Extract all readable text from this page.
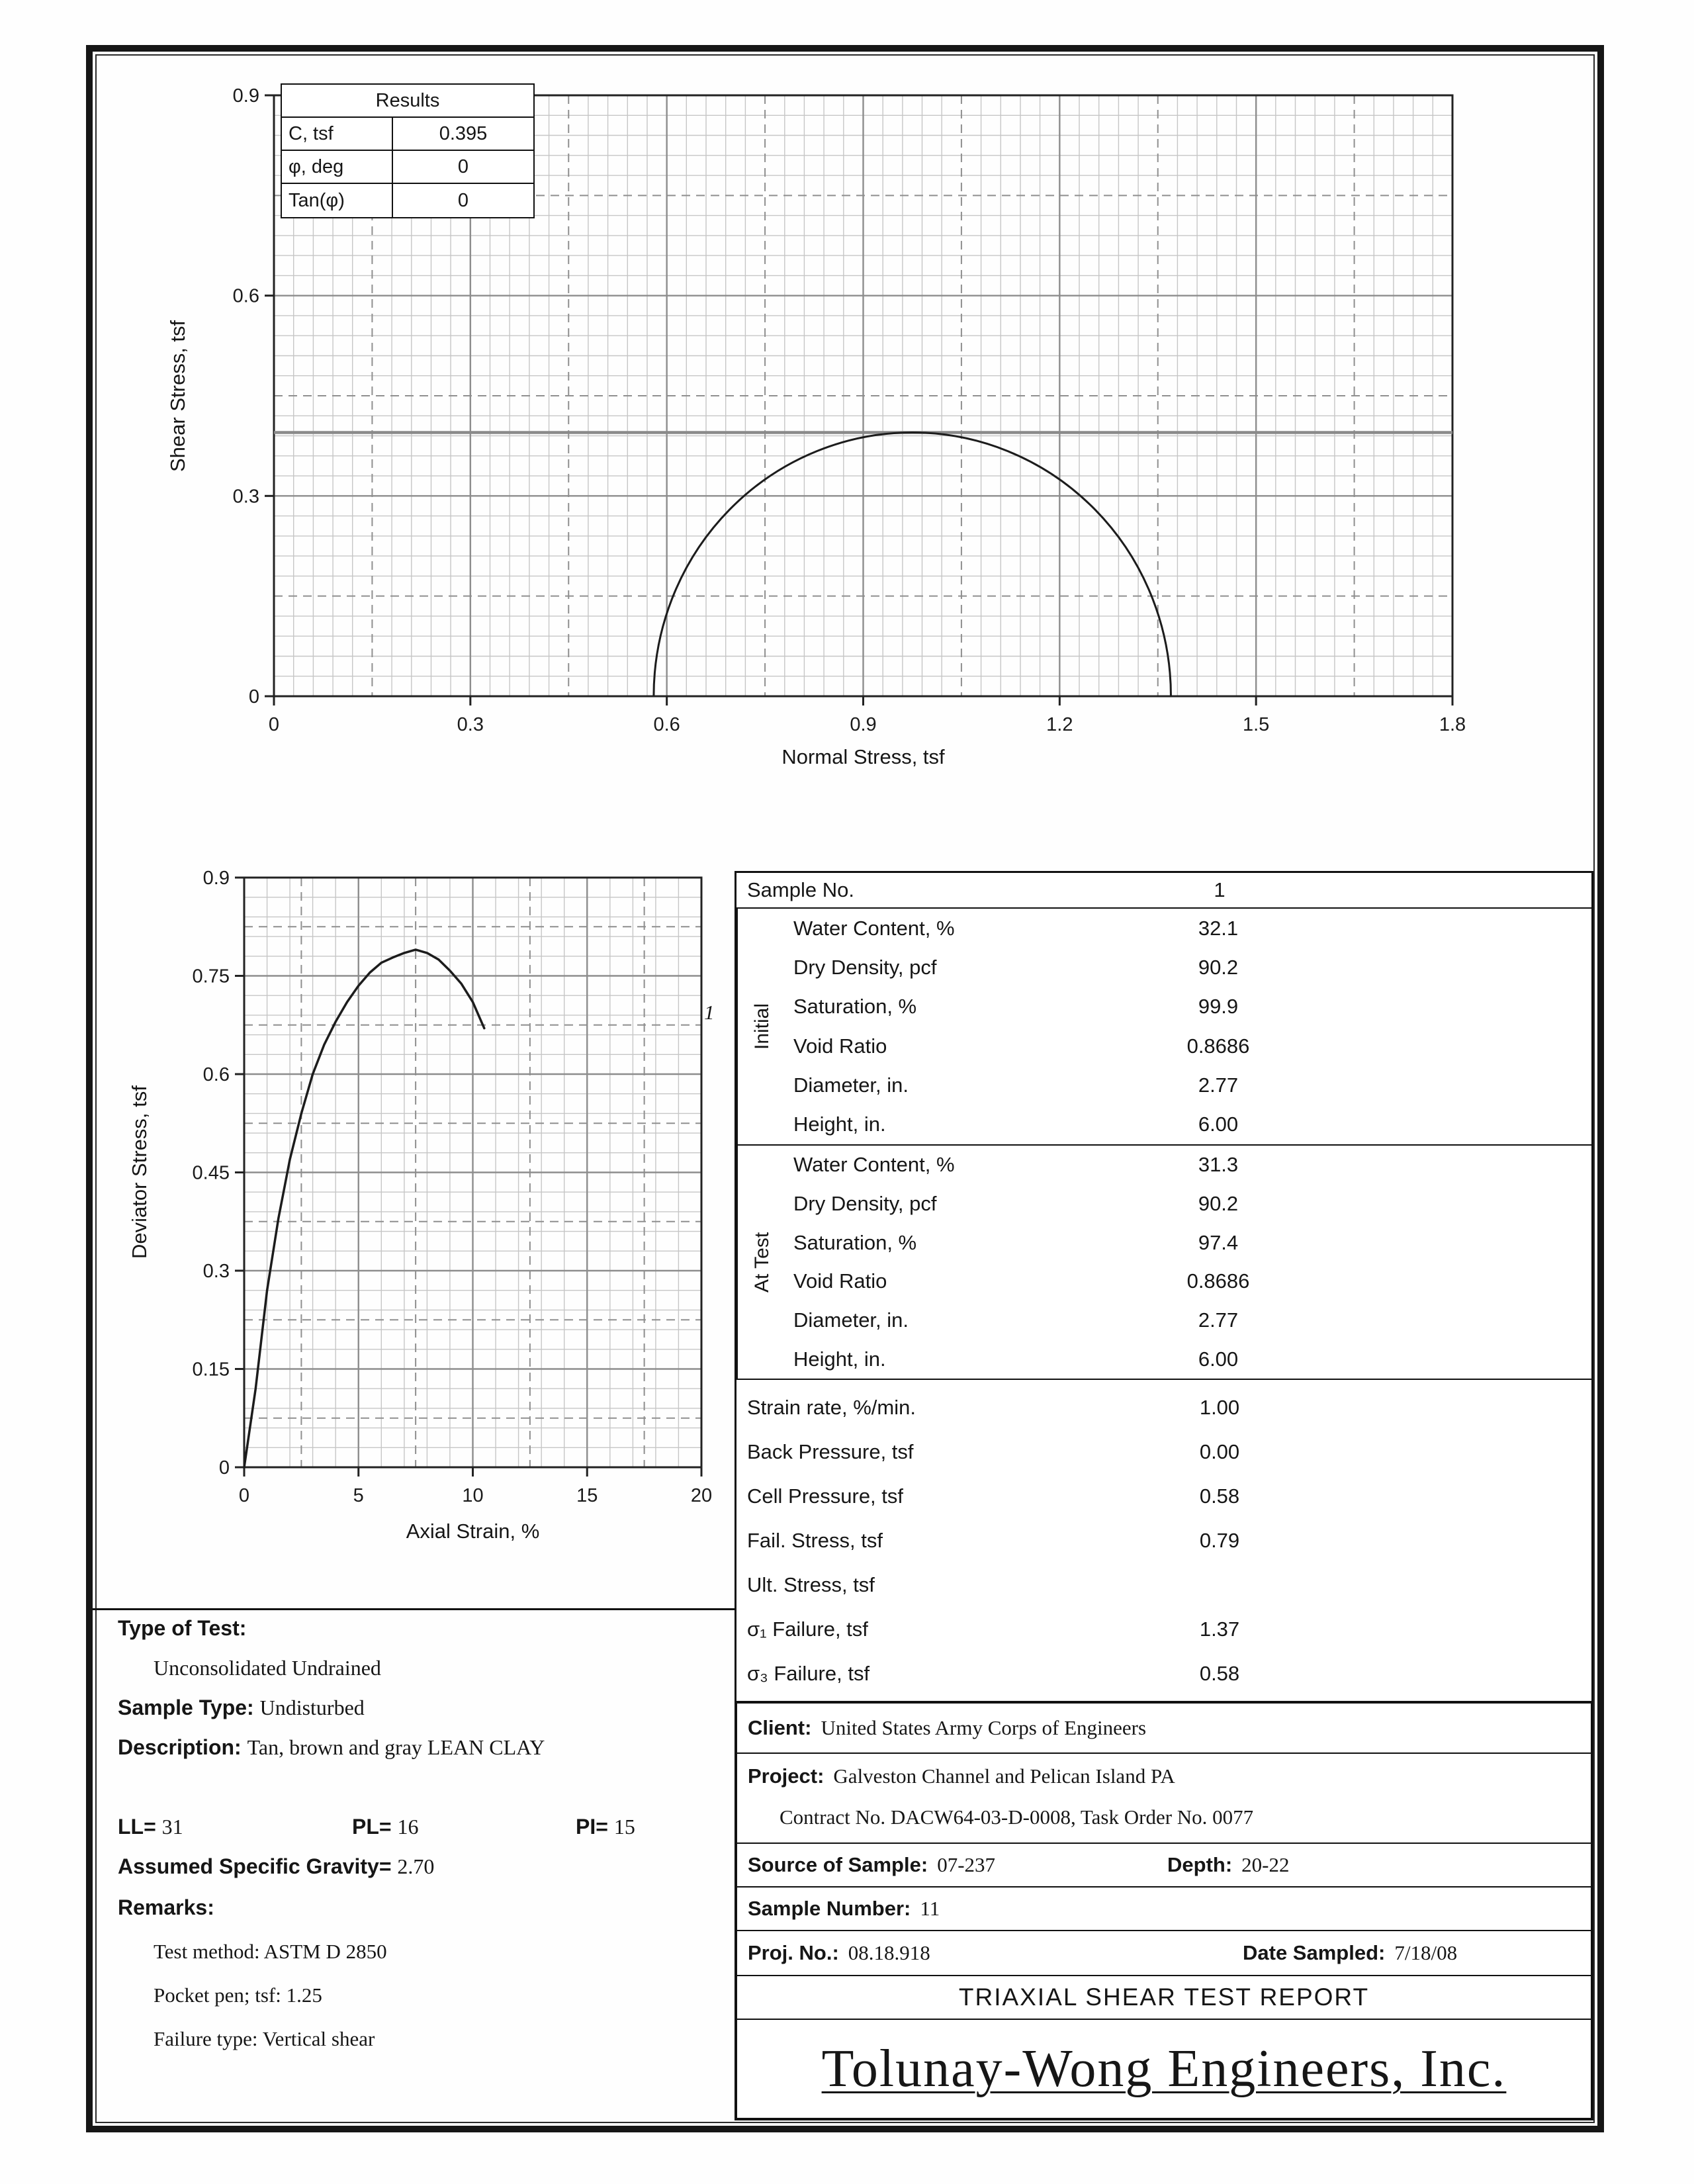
Shear Stress, tsf
0	0.3	0.6	0.9	1.2	1.5	1.8
0
0.3
0.6
0.9
Normal Stress, tsf
Results
C, tsf	0.395
φ, deg	0
Tan(φ)	0
Deviator Stress, tsf
0	5	10	15	20
0
0.15
0.3
0.45
0.6
0.75
0.9
Axial Strain, %
1
Sample No.	1
Initial
Water Content, %	32.1
Dry Density, pcf	90.2
Saturation, %	99.9
Void Ratio	0.8686
Diameter, in.	2.77
Height, in.	6.00
At Test
Water Content, %	31.3
Dry Density, pcf	90.2
Saturation, %	97.4
Void Ratio	0.8686
Diameter, in.	2.77
Height, in.	6.00
Strain rate, %/min.	1.00
Back Pressure, tsf	0.00
Cell Pressure, tsf	0.58
Fail. Stress, tsf	0.79
Ult. Stress, tsf
σ₁ Failure, tsf	1.37
σ₃ Failure, tsf	0.58
Type of Test:
Unconsolidated Undrained
Sample Type: Undisturbed
Description: Tan, brown and gray LEAN CLAY
LL= 31	PL= 16	PI= 15
Assumed Specific Gravity= 2.70
Remarks:
Test method: ASTM D 2850
Pocket pen; tsf: 1.25
Failure type: Vertical shear
Client: United States Army Corps of Engineers
Project: Galveston Channel and Pelican Island PA
Contract No. DACW64-03-D-0008, Task Order No. 0077
Source of Sample: 07-237	Depth: 20-22
Sample Number: 11
Proj. No.: 08.18.918	Date Sampled: 7/18/08
TRIAXIAL SHEAR TEST REPORT
Tolunay-Wong Engineers, Inc.
